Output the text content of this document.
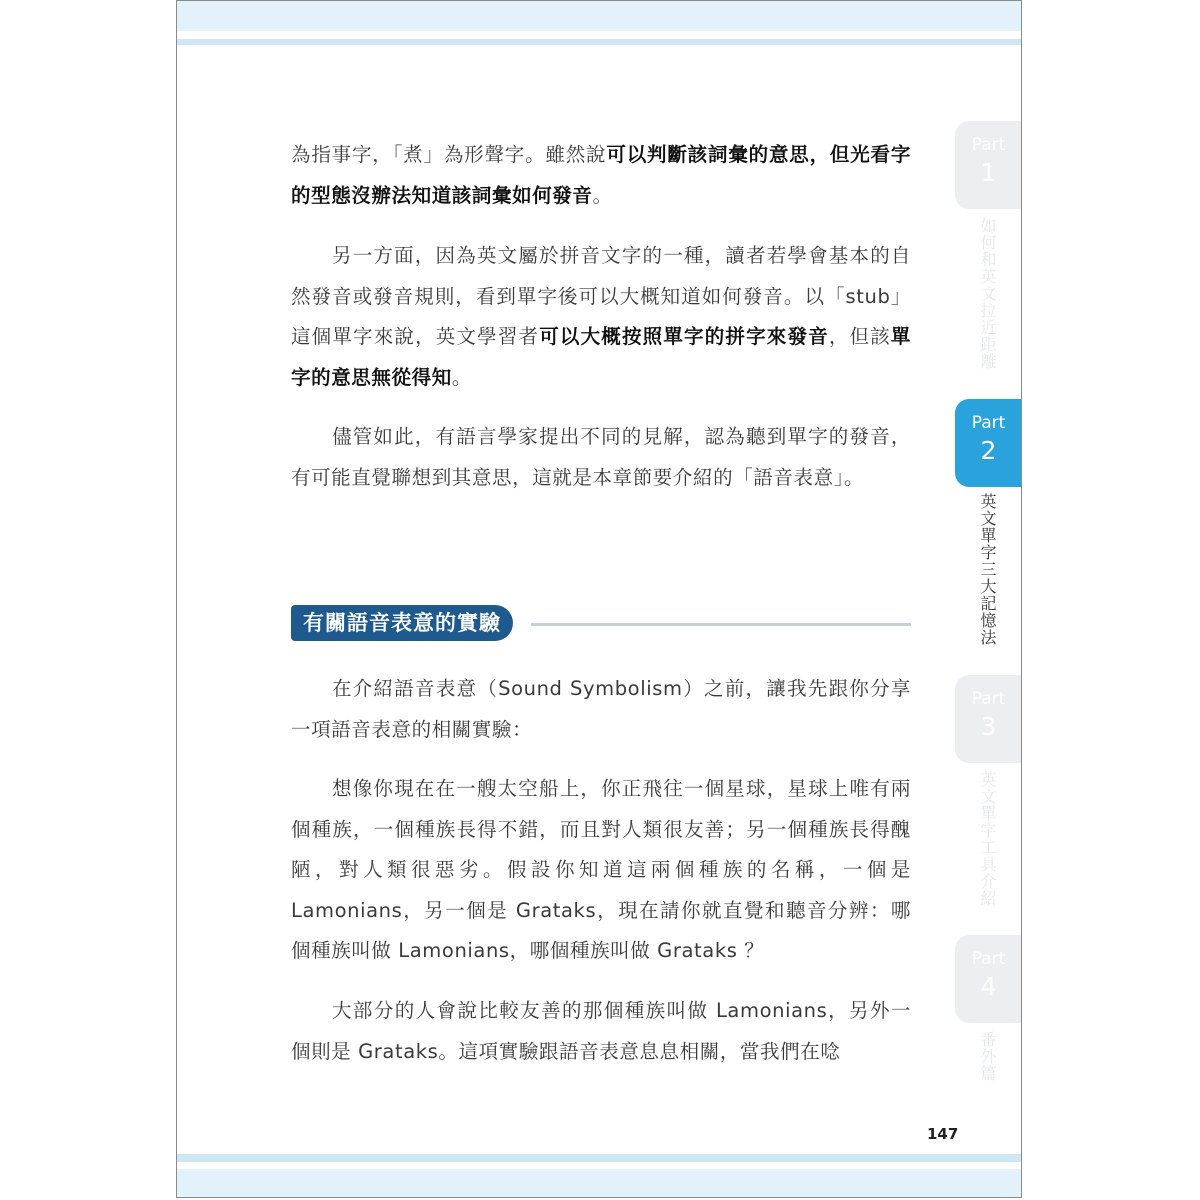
為指事字，「煮」為形聲字。雖然說可以判斷該詞彙的意思，但光看字的型態沒辦法知道該詞彙如何發音。

另一方面，因為英文屬於拼音文字的一種，讀者若學會基本的自然發音或發音規則，看到單字後可以大概知道如何發音。以「stub」這個單字來說，英文學習者可以大概按照單字的拼字來發音，但該單字的意思無從得知。

儘管如此，有語言學家提出不同的見解，認為聽到單字的發音，有可能直覺聯想到其意思，這就是本章節要介紹的「語音表意」。

有關語音表意的實驗

在介紹語音表意（Sound Symbolism）之前，讓我先跟你分享一項語音表意的相關實驗：

想像你現在在一艘太空船上，你正飛往一個星球，星球上唯有兩個種族，一個種族長得不錯，而且對人類很友善；另一個種族長得醜陋，對人類很惡劣。假設你知道這兩個種族的名稱，一個是 Lamonians，另一個是 Grataks，現在請你就直覺和聽音分辨：哪個種族叫做 Lamonians，哪個種族叫做 Grataks ？

大部分的人會說比較友善的那個種族叫做 Lamonians，另外一個則是 Grataks。這項實驗跟語音表意息息相關，當我們在唸

Part
1
如何和英文拉近距離
Part
2
英文單字三大記憶法
Part
3
英文單字工具介紹
Part
4
番外篇
147
